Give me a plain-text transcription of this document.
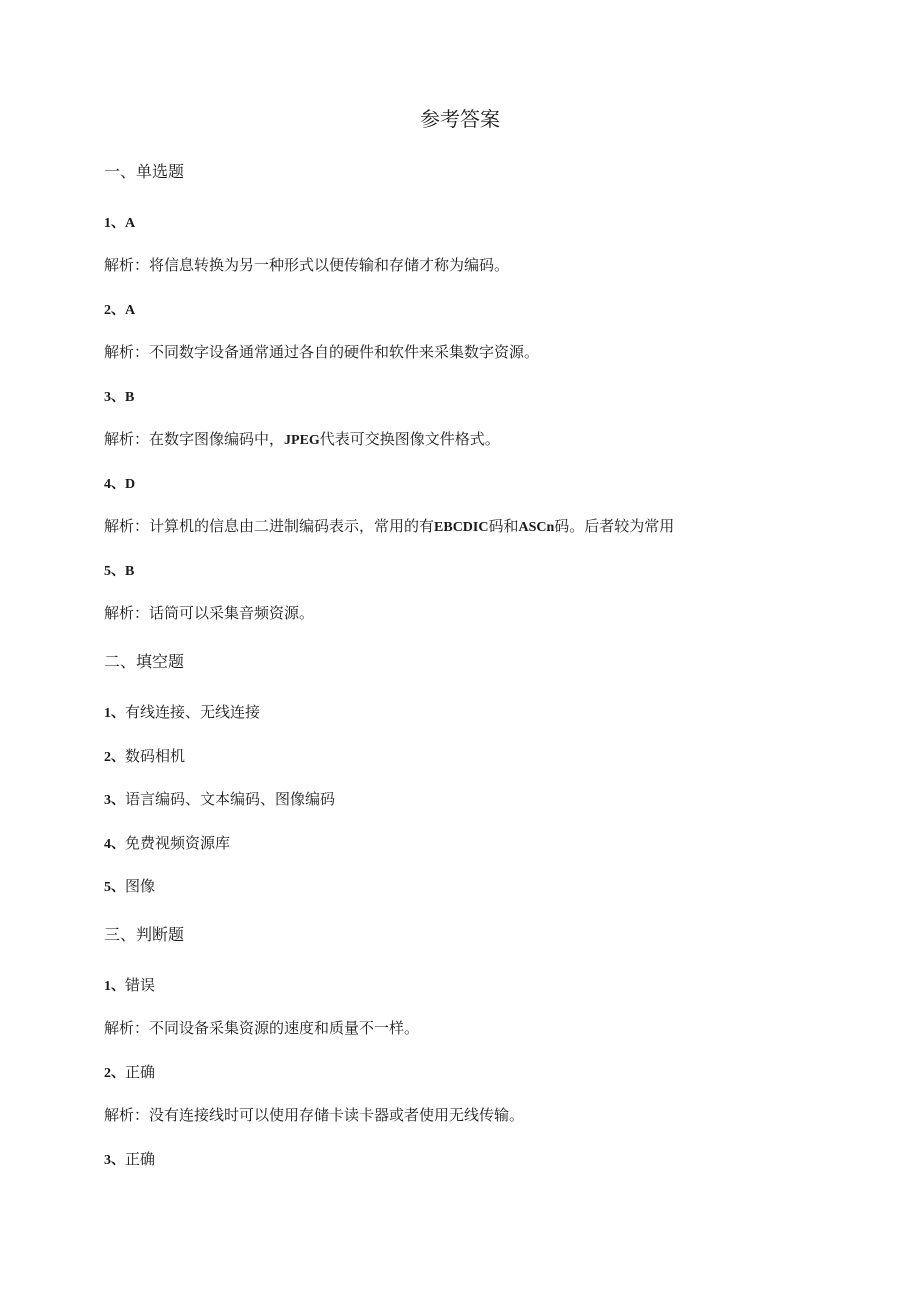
参考答案
一、单选题
1、A
解析：将信息转换为另一种形式以便传输和存储才称为编码。
2、A
解析：不同数字设备通常通过各自的硬件和软件来采集数字资源。
3、B
解析：在数字图像编码中，JPEG代表可交换图像文件格式。
4、D
解析：计算机的信息由二进制编码表示，常用的有EBCDIC码和ASCn码。后者较为常用
5、B
解析：话筒可以采集音频资源。
二、填空题
1、有线连接、无线连接
2、数码相机
3、语言编码、文本编码、图像编码
4、免费视频资源库
5、图像
三、判断题
1、错误
解析：不同设备采集资源的速度和质量不一样。
2、正确
解析：没有连接线时可以使用存储卡读卡器或者使用无线传输。
3、正确
